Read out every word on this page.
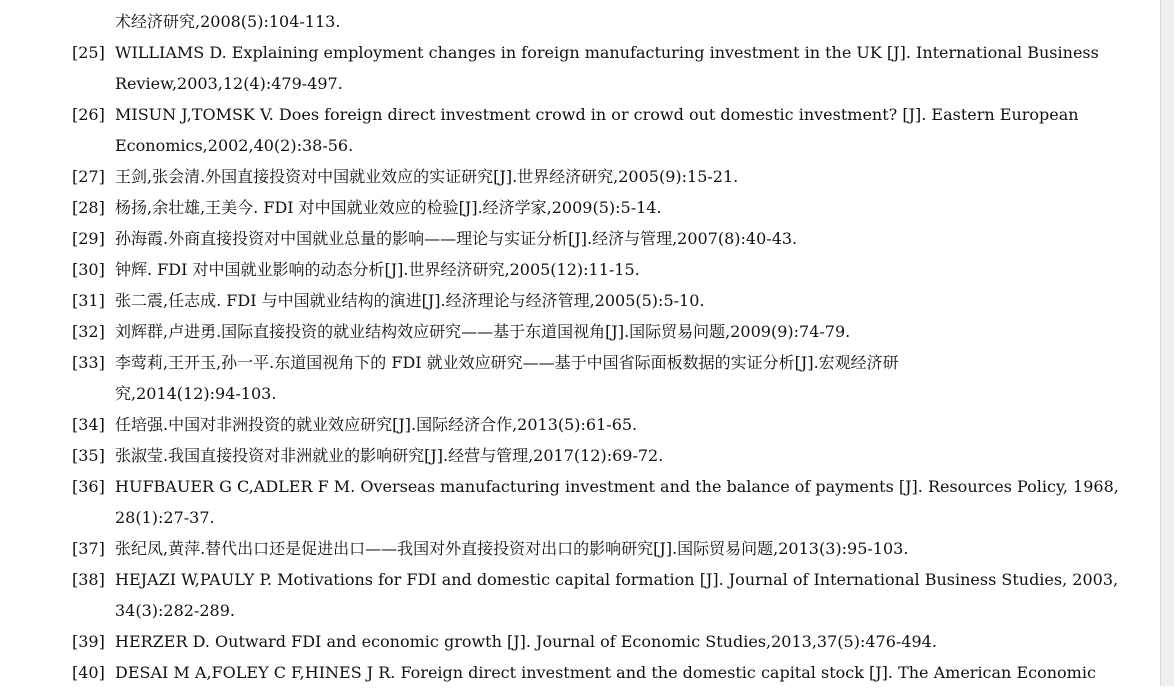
术经济研究,2008(5):104-113.
[25] WILLIAMS D. Explaining employment changes in foreign manufacturing investment in the UK [J]. International Business
Review,2003,12(4):479-497.
[26] MISUN J,TOMSK V. Does foreign direct investment crowd in or crowd out domestic investment? [J]. Eastern European
Economics,2002,40(2):38-56.
[27] 王剑,张会清.外国直接投资对中国就业效应的实证研究[J].世界经济研究,2005(9):15-21.
[28] 杨扬,余壮雄,王美今. FDI 对中国就业效应的检验[J].经济学家,2009(5):5-14.
[29] 孙海霞.外商直接投资对中国就业总量的影响——理论与实证分析[J].经济与管理,2007(8):40-43.
[30] 钟辉. FDI 对中国就业影响的动态分析[J].世界经济研究,2005(12):11-15.
[31] 张二震,任志成. FDI 与中国就业结构的演进[J].经济理论与经济管理,2005(5):5-10.
[32] 刘辉群,卢进勇.国际直接投资的就业结构效应研究——基于东道国视角[J].国际贸易问题,2009(9):74-79.
[33] 李莺莉,王开玉,孙一平.东道国视角下的 FDI 就业效应研究——基于中国省际面板数据的实证分析[J].宏观经济研
究,2014(12):94-103.
[34] 任培强.中国对非洲投资的就业效应研究[J].国际经济合作,2013(5):61-65.
[35] 张淑莹.我国直接投资对非洲就业的影响研究[J].经营与管理,2017(12):69-72.
[36] HUFBAUER G C,ADLER F M. Overseas manufacturing investment and the balance of payments [J]. Resources Policy, 1968,
28(1):27-37.
[37] 张纪凤,黄萍.替代出口还是促进出口——我国对外直接投资对出口的影响研究[J].国际贸易问题,2013(3):95-103.
[38] HEJAZI W,PAULY P. Motivations for FDI and domestic capital formation [J]. Journal of International Business Studies, 2003,
34(3):282-289.
[39] HERZER D. Outward FDI and economic growth [J]. Journal of Economic Studies,2013,37(5):476-494.
[40] DESAI M A,FOLEY C F,HINES J R. Foreign direct investment and the domestic capital stock [J]. The American Economic
